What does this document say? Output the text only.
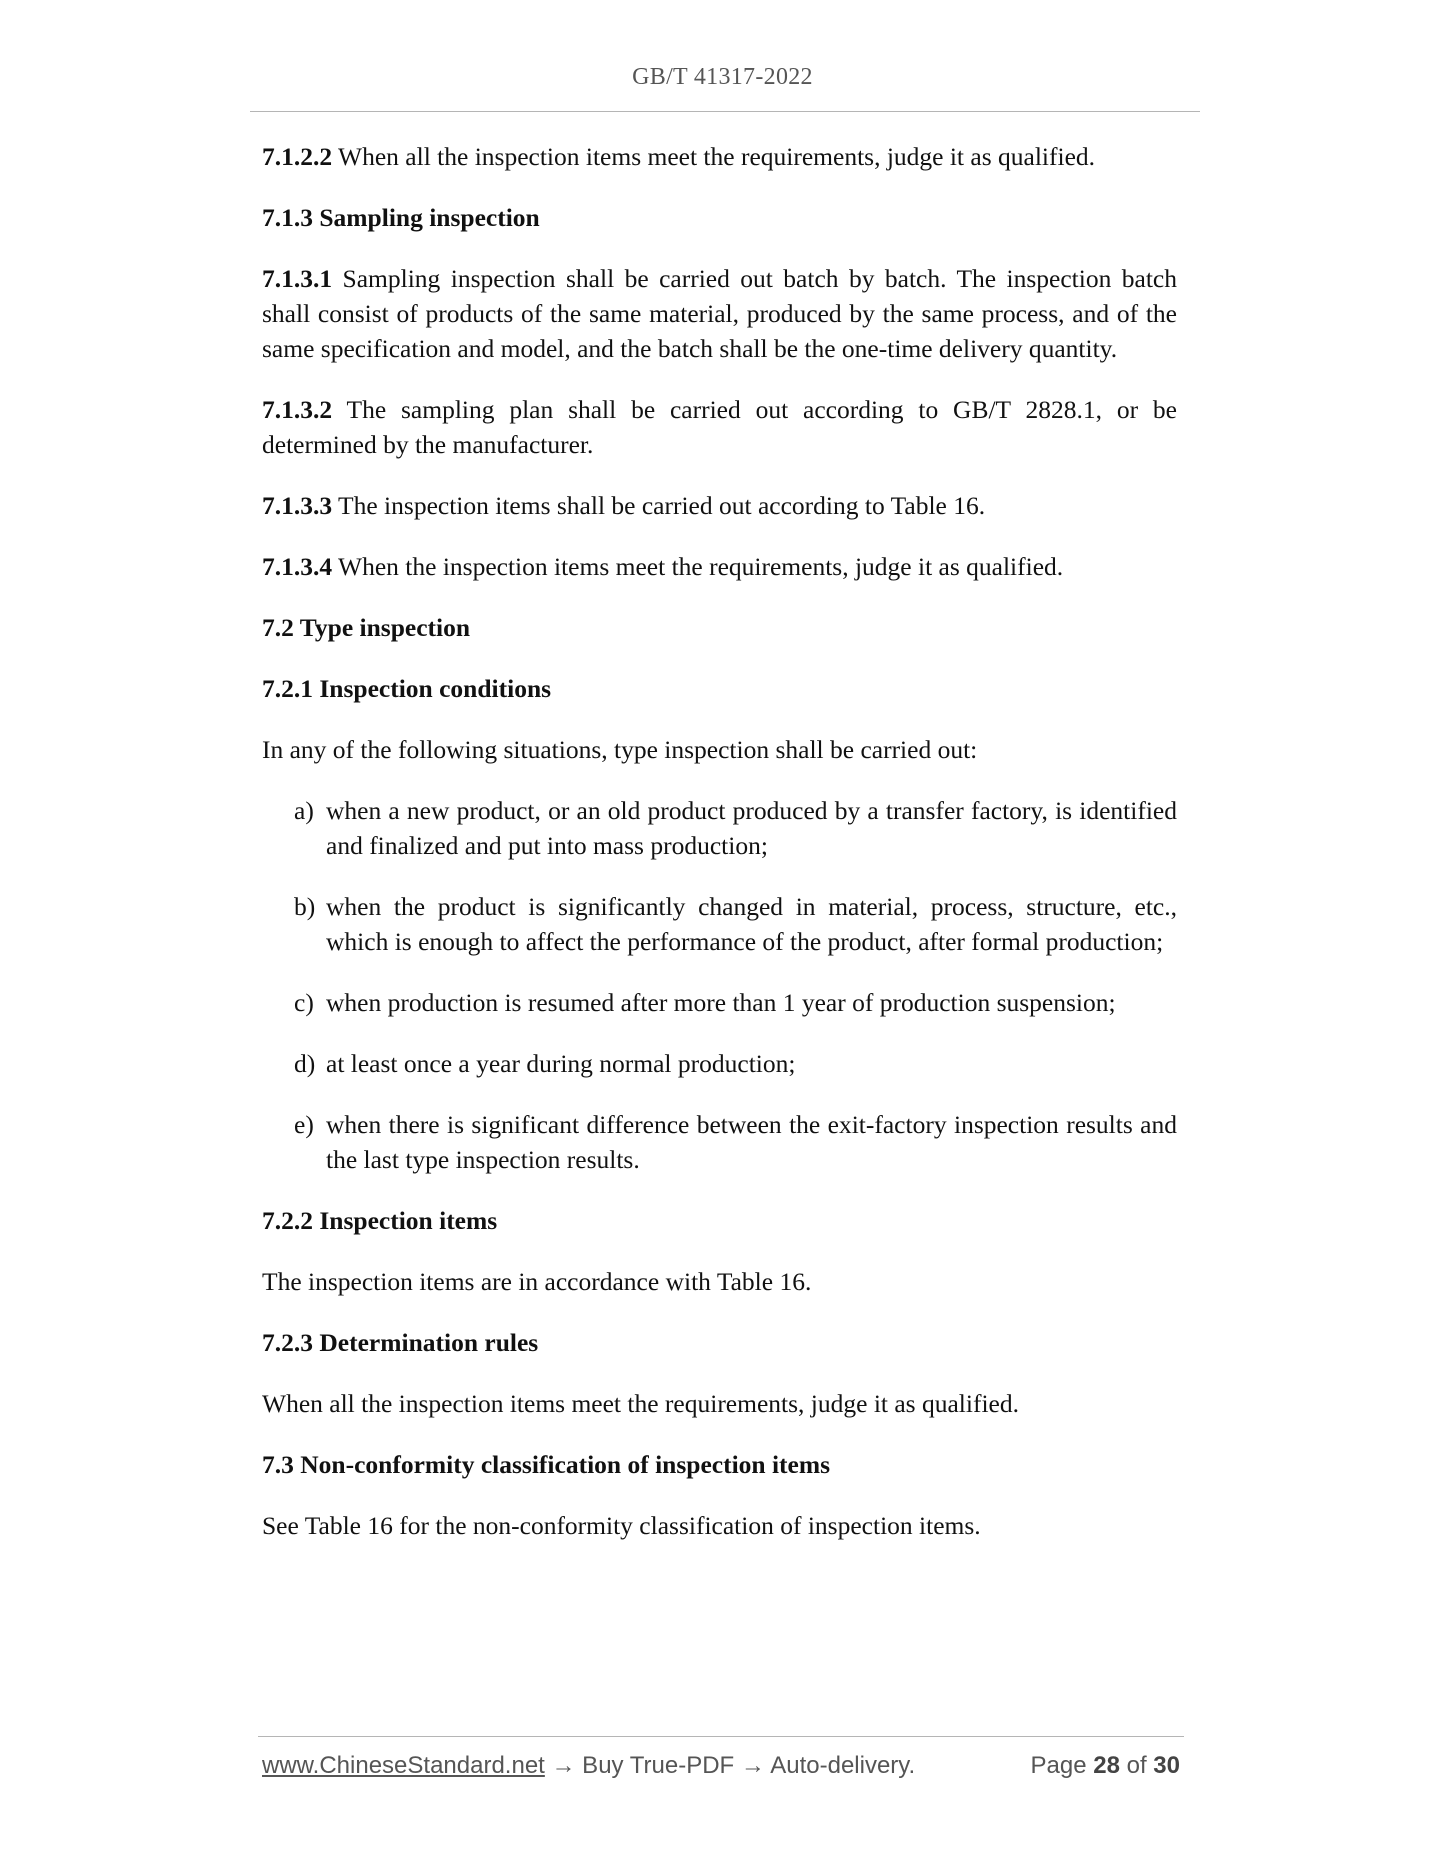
GB/T 41317-2022

7.1.2.2 When all the inspection items meet the requirements, judge it as qualified.

7.1.3 Sampling inspection

7.1.3.1 Sampling inspection shall be carried out batch by batch. The inspection batch shall consist of products of the same material, produced by the same process, and of the same specification and model, and the batch shall be the one-time delivery quantity.

7.1.3.2 The sampling plan shall be carried out according to GB/T 2828.1, or be determined by the manufacturer.

7.1.3.3 The inspection items shall be carried out according to Table 16.

7.1.3.4 When the inspection items meet the requirements, judge it as qualified.

7.2 Type inspection

7.2.1 Inspection conditions

In any of the following situations, type inspection shall be carried out:

a) when a new product, or an old product produced by a transfer factory, is identified and finalized and put into mass production;
b) when the product is significantly changed in material, process, structure, etc., which is enough to affect the performance of the product, after formal production;
c) when production is resumed after more than 1 year of production suspension;
d) at least once a year during normal production;
e) when there is significant difference between the exit-factory inspection results and the last type inspection results.

7.2.2 Inspection items

The inspection items are in accordance with Table 16.

7.2.3 Determination rules

When all the inspection items meet the requirements, judge it as qualified.

7.3 Non-conformity classification of inspection items

See Table 16 for the non-conformity classification of inspection items.

www.ChineseStandard.net → Buy True-PDF → Auto-delivery.	Page 28 of 30
